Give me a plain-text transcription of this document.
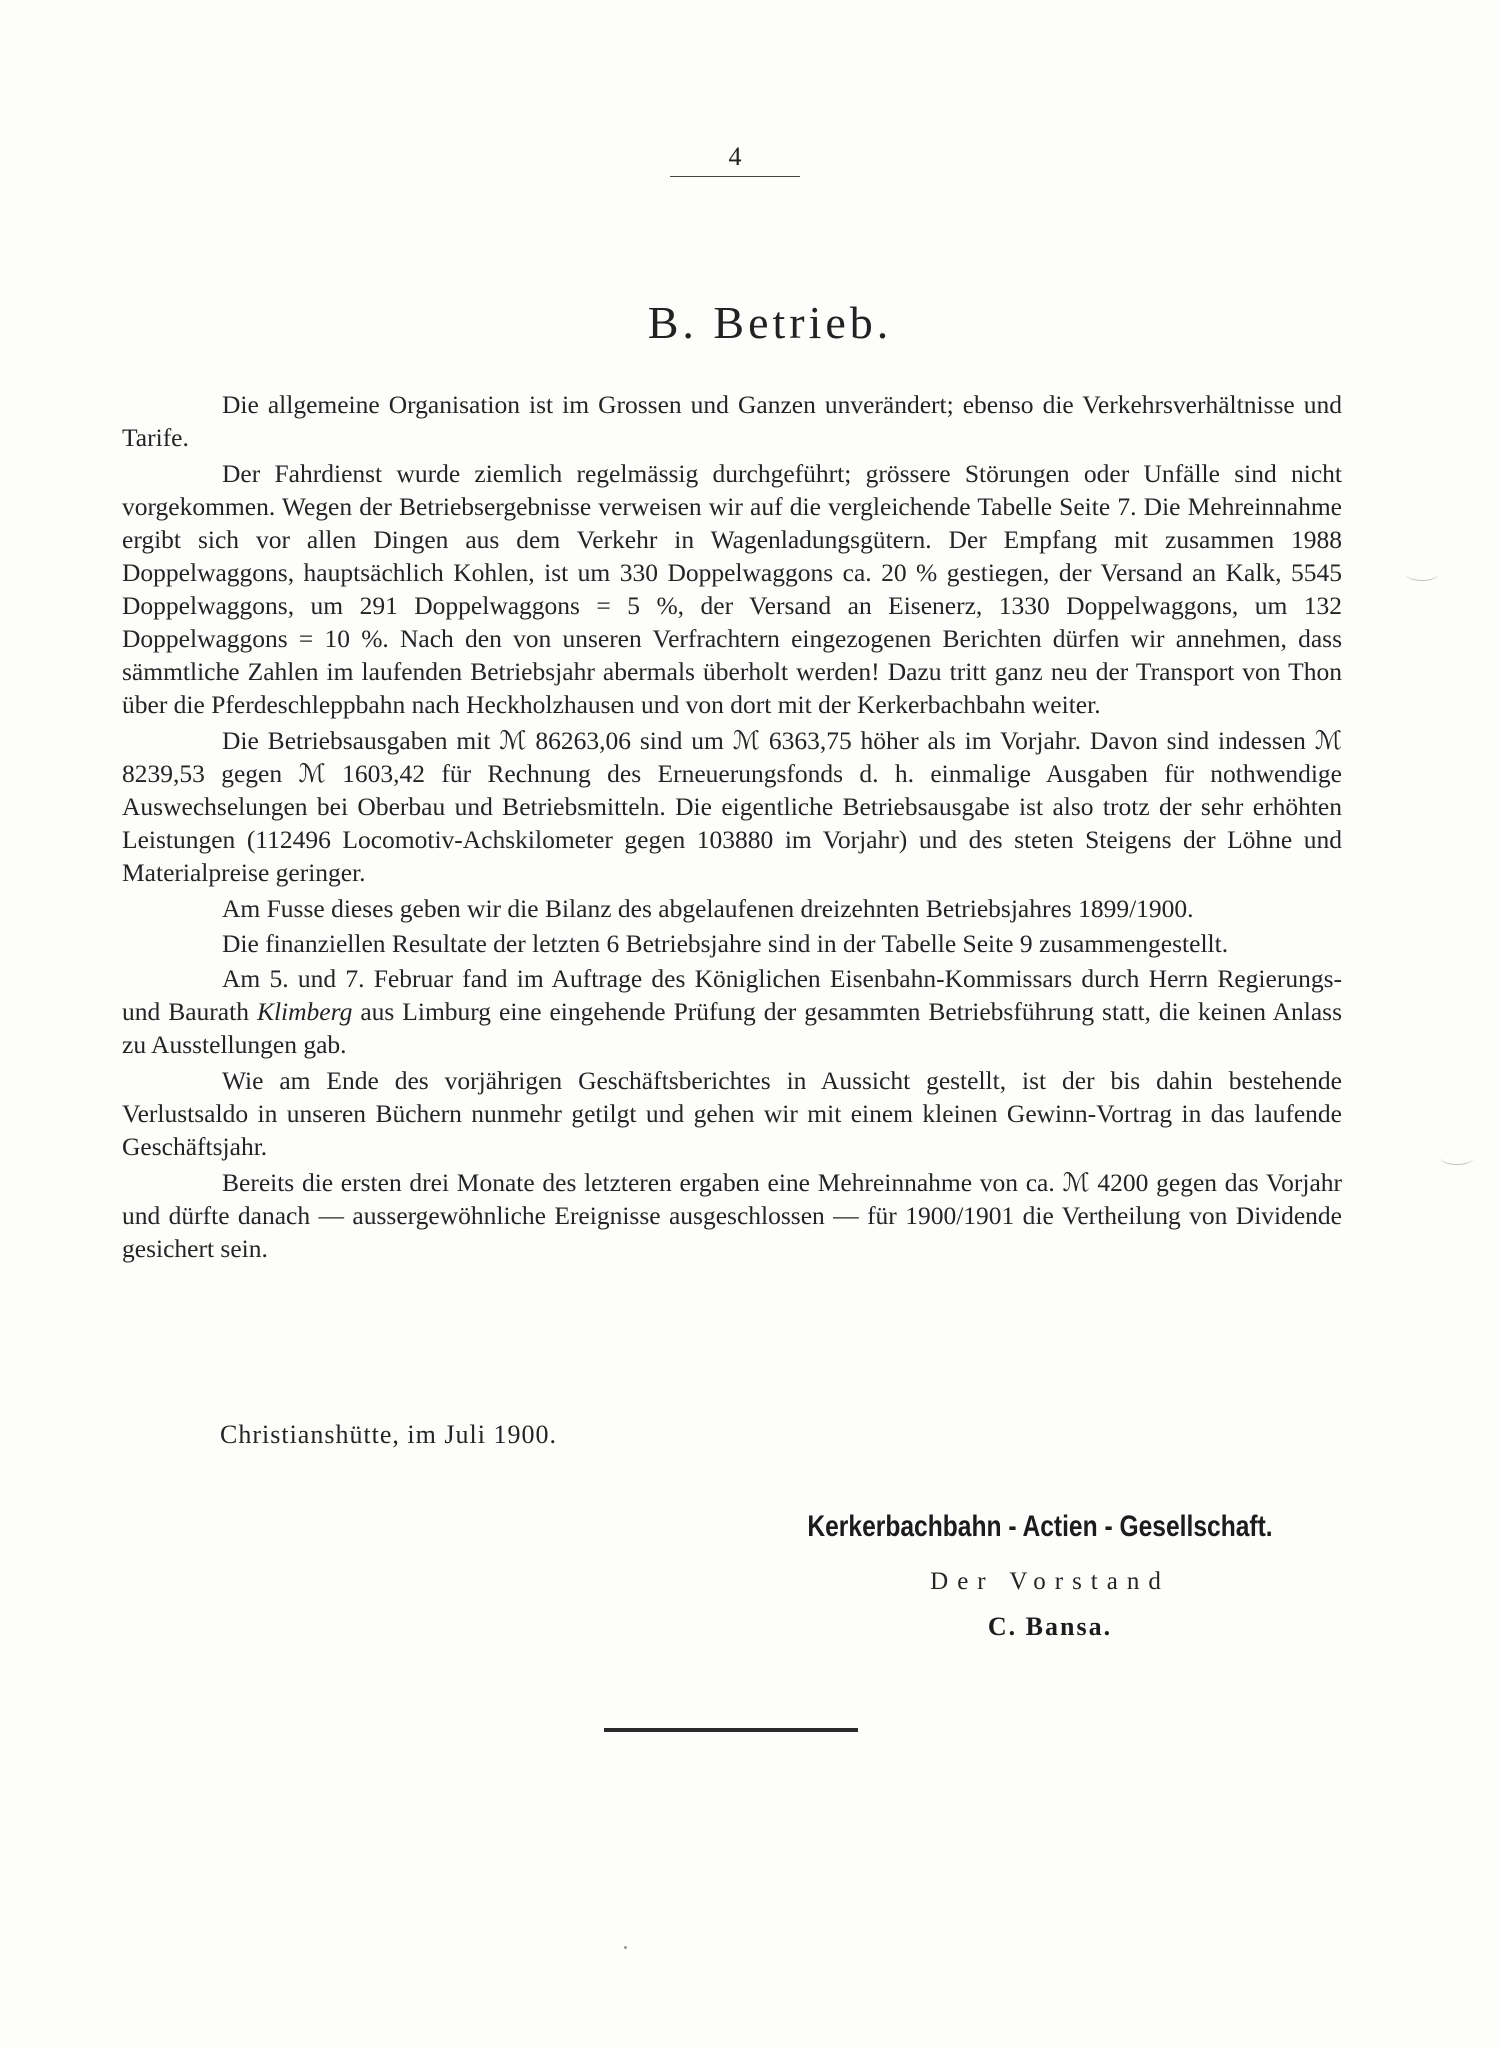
4
B. Betrieb.

Die allgemeine Organisation ist im Grossen und Ganzen unverändert; ebenso die Verkehrsverhältnisse und Tarife.

Der Fahrdienst wurde ziemlich regelmässig durchgeführt; grössere Störungen oder Unfälle sind nicht vorgekommen. Wegen der Betriebsergebnisse verweisen wir auf die vergleichende Tabelle Seite 7. Die Mehreinnahme ergibt sich vor allen Dingen aus dem Verkehr in Wagenladungsgütern. Der Empfang mit zusammen 1988 Doppelwaggons, hauptsächlich Kohlen, ist um 330 Doppelwaggons ca. 20 % gestiegen, der Versand an Kalk, 5545 Doppelwaggons, um 291 Doppelwaggons = 5 %, der Versand an Eisenerz, 1330 Doppelwaggons, um 132 Doppelwaggons = 10 %. Nach den von unseren Verfrachtern eingezogenen Berichten dürfen wir annehmen, dass sämmtliche Zahlen im laufenden Betriebsjahr abermals überholt werden! Dazu tritt ganz neu der Transport von Thon über die Pferdeschleppbahn nach Heckholzhausen und von dort mit der Kerkerbachbahn weiter.

Die Betriebsausgaben mit ℳ 86263,06 sind um ℳ 6363,75 höher als im Vorjahr. Davon sind indessen ℳ 8239,53 gegen ℳ 1603,42 für Rechnung des Erneuerungsfonds d. h. einmalige Ausgaben für nothwendige Auswechselungen bei Oberbau und Betriebsmitteln. Die eigentliche Betriebsausgabe ist also trotz der sehr erhöhten Leistungen (112496 Locomotiv-Achskilometer gegen 103880 im Vorjahr) und des steten Steigens der Löhne und Materialpreise geringer.

Am Fusse dieses geben wir die Bilanz des abgelaufenen dreizehnten Betriebsjahres 1899/1900.

Die finanziellen Resultate der letzten 6 Betriebsjahre sind in der Tabelle Seite 9 zusammengestellt.

Am 5. und 7. Februar fand im Auftrage des Königlichen Eisenbahn-Kommissars durch Herrn Regierungs- und Baurath Klimberg aus Limburg eine eingehende Prüfung der gesammten Betriebsführung statt, die keinen Anlass zu Ausstellungen gab.

Wie am Ende des vorjährigen Geschäftsberichtes in Aussicht gestellt, ist der bis dahin bestehende Verlustsaldo in unseren Büchern nunmehr getilgt und gehen wir mit einem kleinen Gewinn-Vortrag in das laufende Geschäftsjahr.

Bereits die ersten drei Monate des letzteren ergaben eine Mehreinnahme von ca. ℳ 4200 gegen das Vorjahr und dürfte danach — aussergewöhnliche Ereignisse ausgeschlossen — für 1900/1901 die Vertheilung von Dividende gesichert sein.

Christianshütte, im Juli 1900.
Kerkerbachbahn - Actien - Gesellschaft.
Der Vorstand
C. Bansa.
